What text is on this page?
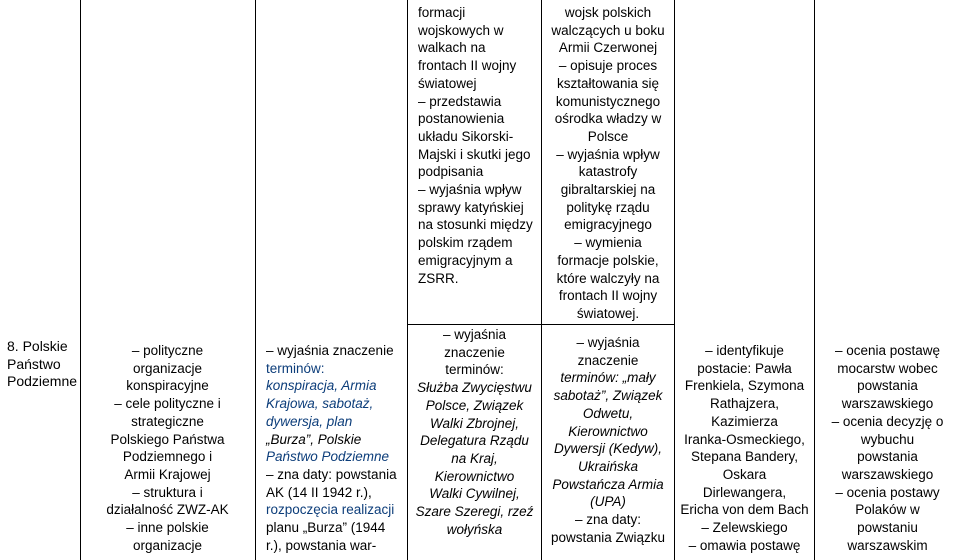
8. Polskie
Państwo
Podziemne
– polityczne
organizacje
konspiracyjne
– cele polityczne i
strategiczne
Polskiego Państwa
Podziemnego i
Armii Krajowej
– struktura i
działalność ZWZ-AK
– inne polskie
organizacje
– wyjaśnia znaczenie
terminów:
konspiracja, Armia
Krajowa, sabotaż,
dywersja, plan
„Burza”, Polskie
Państwo Podziemne
– zna daty: powstania
AK (14 II 1942 r.),
rozpoczęcia realizacji
planu „Burza” (1944
r.), powstania war-
formacji
wojskowych w
walkach na
frontach II wojny
światowej
– przedstawia
postanowienia
układu Sikorski-
Majski i skutki jego
podpisania
– wyjaśnia wpływ
sprawy katyńskiej
na stosunki między
polskim rządem
emigracyjnym a
ZSRR.
– wyjaśnia
znaczenie
terminów:
Służba Zwycięstwu
Polsce, Związek
Walki Zbrojnej,
Delegatura Rządu
na Kraj,
Kierownictwo
Walki Cywilnej,
Szare Szeregi, rzeź
wołyńska
wojsk polskich
walczących u boku
Armii Czerwonej
– opisuje proces
kształtowania się
komunistycznego
ośrodka władzy w
Polsce
– wyjaśnia wpływ
katastrofy
gibraltarskiej na
politykę rządu
emigracyjnego
– wymienia
formacje polskie,
które walczyły na
frontach II wojny
światowej.
– wyjaśnia
znaczenie
terminów: „mały
sabotaż”, Związek
Odwetu,
Kierownictwo
Dywersji (Kedyw),
Ukraińska
Powstańcza Armia
(UPA)
– zna daty:
powstania Związku
– identyfikuje
postacie: Pawła
Frenkiela, Szymona
Rathajzera,
Kazimierza
Iranka-Osmeckiego,
Stepana Bandery,
Oskara
Dirlewangera,
Ericha von dem Bach
– Zelewskiego
– omawia postawę
– ocenia postawę
mocarstw wobec
powstania
warszawskiego
– ocenia decyzję o
wybuchu
powstania
warszawskiego
– ocenia postawy
Polaków w
powstaniu
warszawskim
